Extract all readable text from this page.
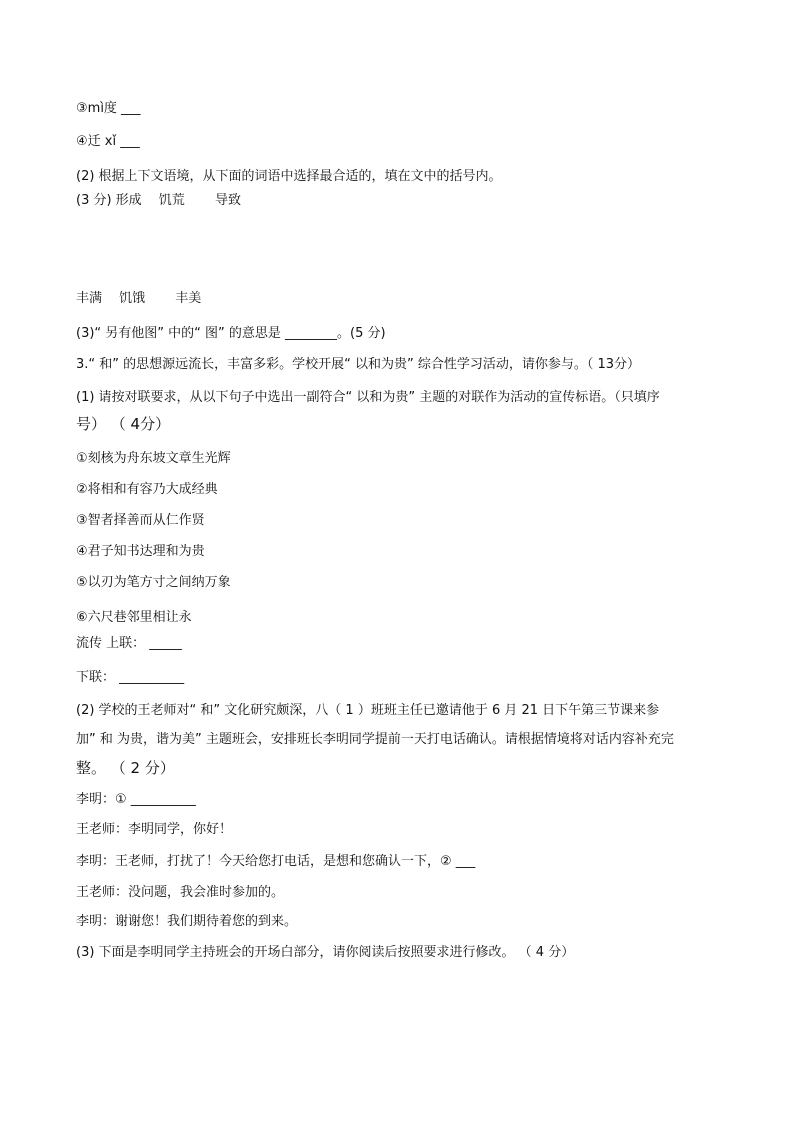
③mì度 ___
④迁 xǐ ___
(2) 根据上下文语境，从下面的词语中选择最合适的，填在文中的括号内。
(3 分) 形成　 饥荒　　 导致
丰满　 饥饿　　 丰美
(3)“ 另有他图” 中的“ 图” 的意思是 ________。(5 分)
3.“ 和” 的思想源远流长，丰富多彩。学校开展“ 以和为贵” 综合性学习活动，请你参与。（ 13分）
(1) 请按对联要求，从以下句子中选出一副符合“ 以和为贵” 主题的对联作为活动的宣传标语。（只填序
号） （ 4分）
①刻核为舟东坡文章生光辉
②将相和有容乃大成经典
③智者择善而从仁作贤
④君子知书达理和为贵
⑤以刃为笔方寸之间纳万象
⑥六尺巷邻里相让永
流传 上联： _____
下联： __________
(2) 学校的王老师对“ 和” 文化研究颇深，八（ 1 ）班班主任已邀请他于 6 月 21 日下午第三节课来参
加” 和 为贵，谐为美” 主题班会，安排班长李明同学提前一天打电话确认。请根据情境将对话内容补充完
整。 （ 2 分）
李明：① __________
王老师：李明同学，你好！
李明：王老师，打扰了！今天给您打电话，是想和您确认一下，② ___
王老师：没问题，我会准时参加的。
李明：谢谢您！我们期待着您的到来。
(3) 下面是李明同学主持班会的开场白部分，请你阅读后按照要求进行修改。 （ 4 分）
